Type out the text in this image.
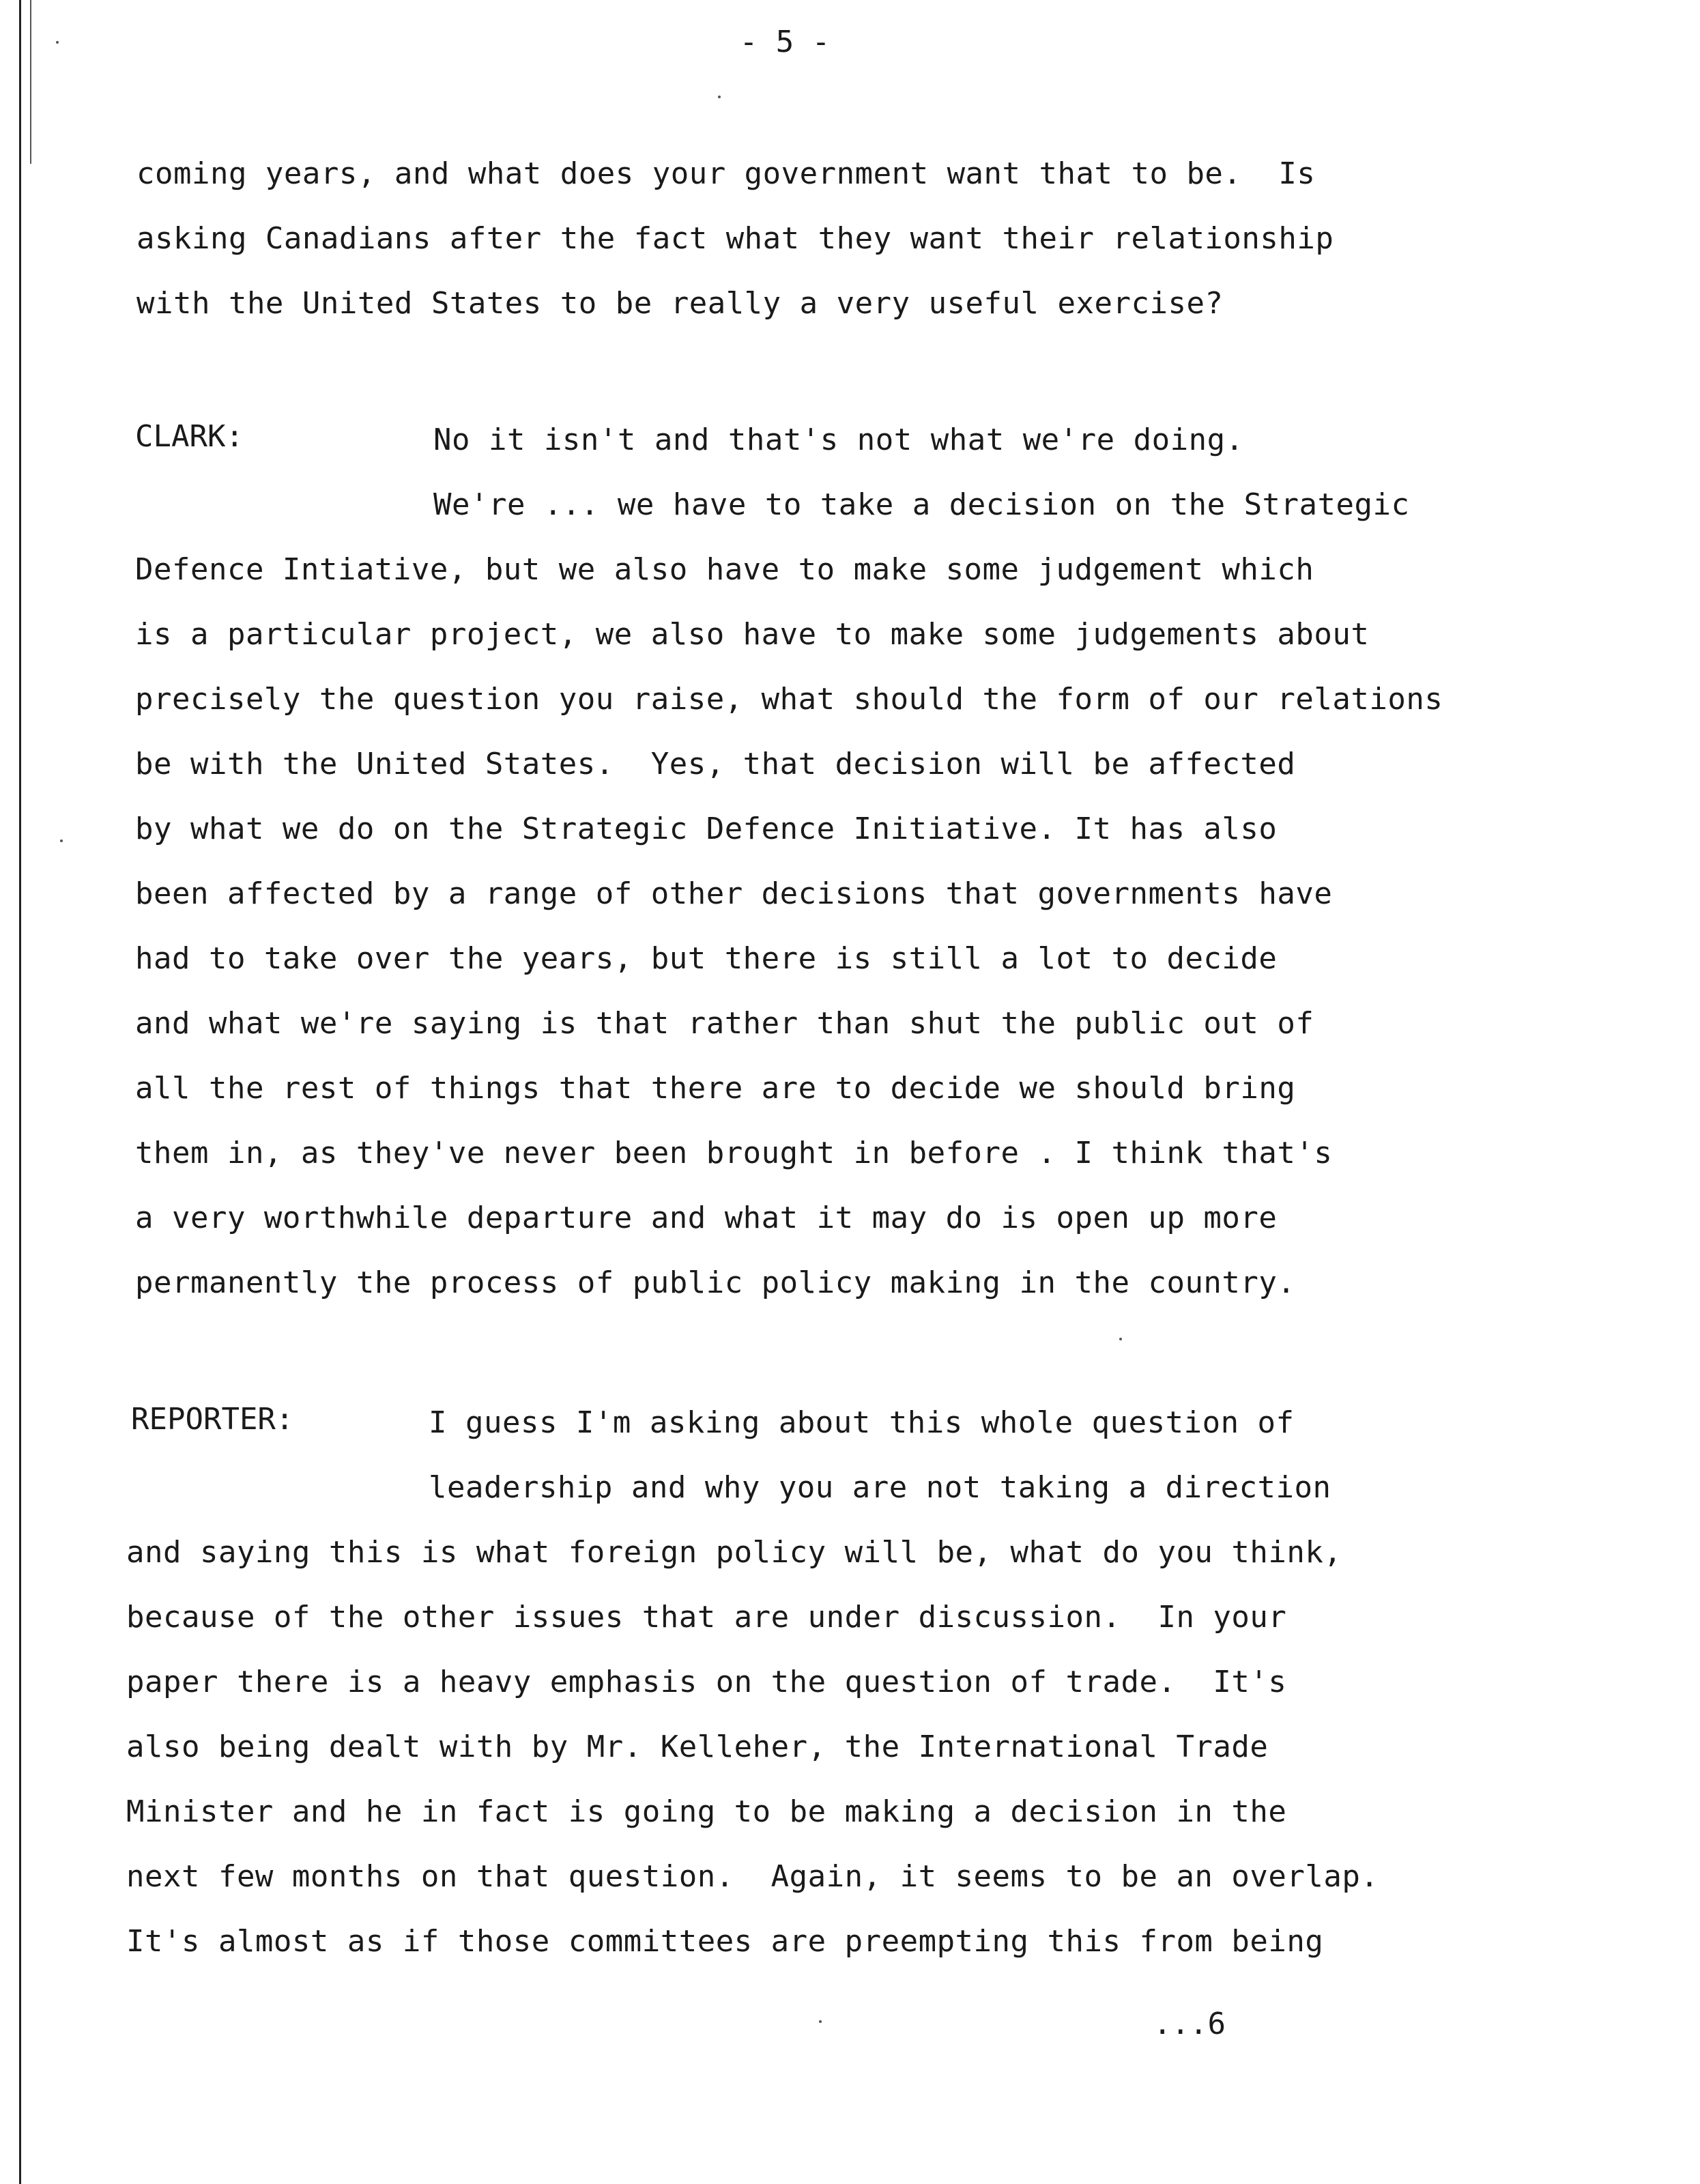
- 5 -
coming years, and what does your government want that to be.  Is
asking Canadians after the fact what they want their relationship
with the United States to be really a very useful exercise?
CLARK:	No it isn't and that's not what we're doing.
We're ... we have to take a decision on the Strategic
Defence Intiative, but we also have to make some judgement which
is a particular project, we also have to make some judgements about
precisely the question you raise, what should the form of our relations
be with the United States.  Yes, that decision will be affected
by what we do on the Strategic Defence Initiative. It has also
been affected by a range of other decisions that governments have
had to take over the years, but there is still a lot to decide
and what we're saying is that rather than shut the public out of
all the rest of things that there are to decide we should bring
them in, as they've never been brought in before . I think that's
a very worthwhile departure and what it may do is open up more
permanently the process of public policy making in the country.
REPORTER:	I guess I'm asking about this whole question of
leadership and why you are not taking a direction
and saying this is what foreign policy will be, what do you think,
because of the other issues that are under discussion.  In your
paper there is a heavy emphasis on the question of trade.  It's
also being dealt with by Mr. Kelleher, the International Trade
Minister and he in fact is going to be making a decision in the
next few months on that question.  Again, it seems to be an overlap.
It's almost as if those committees are preempting this from being
...6
